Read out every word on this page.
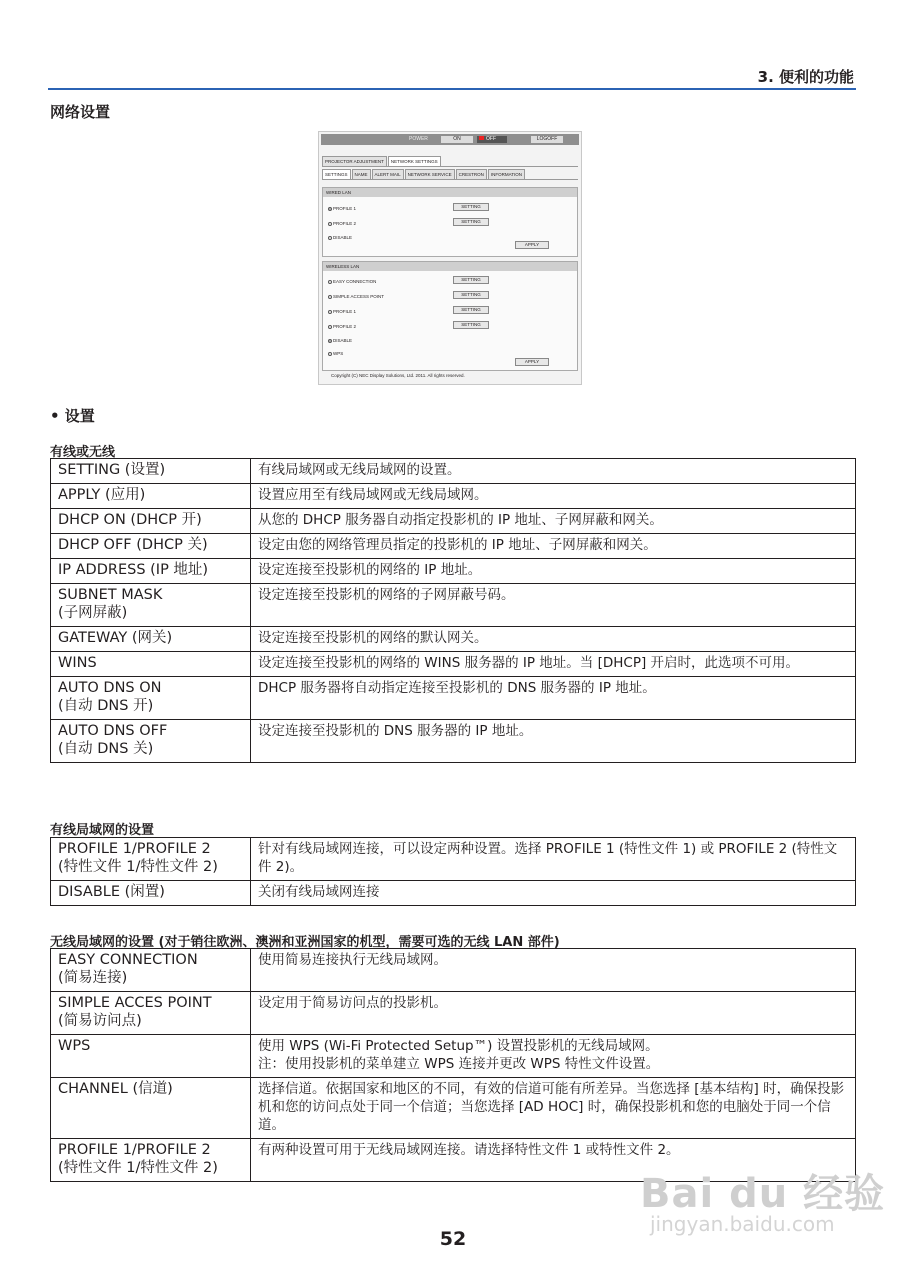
3. 便利的功能
网络设置
POWER	ON	OFF	LOGOFF
PROJECTOR ADJUSTMENT	NETWORK SETTINGS
SETTINGS	NAME	ALERT MAIL	NETWORK SERVICE	CRESTRON	INFORMATION
WIRED LAN
PROFILE 1
PROFILE 2
DISABLE
SETTING
SETTING
APPLY
WIRELESS LAN
EASY CONNECTION
SIMPLE ACCESS POINT
PROFILE 1
PROFILE 2
DISABLE
WPS
SETTING
SETTING
SETTING
SETTING
APPLY
Copyright (C) NEC Display Solutions, Ltd. 2011. All rights reserved.
• 设置
有线或无线
SETTING (设置)	有线局域网或无线局域网的设置。
APPLY (应用)	设置应用至有线局域网或无线局域网。
DHCP ON (DHCP 开)	从您的 DHCP 服务器自动指定投影机的 IP 地址、子网屏蔽和网关。
DHCP OFF (DHCP 关)	设定由您的网络管理员指定的投影机的 IP 地址、子网屏蔽和网关。
IP ADDRESS (IP 地址)	设定连接至投影机的网络的 IP 地址。
SUBNET MASK
(子网屏蔽)	设定连接至投影机的网络的子网屏蔽号码。
GATEWAY (网关)	设定连接至投影机的网络的默认网关。
WINS	设定连接至投影机的网络的 WINS 服务器的 IP 地址。当 [DHCP] 开启时，此选项不可用。
AUTO DNS ON
(自动 DNS 开)	DHCP 服务器将自动指定连接至投影机的 DNS 服务器的 IP 地址。
AUTO DNS OFF
(自动 DNS 关)	设定连接至投影机的 DNS 服务器的 IP 地址。
有线局域网的设置
PROFILE 1/PROFILE 2
(特性文件 1/特性文件 2)	针对有线局域网连接，可以设定两种设置。选择 PROFILE 1 (特性文件 1) 或 PROFILE 2 (特性文件 2)。
DISABLE (闲置)	关闭有线局域网连接
无线局域网的设置 (对于销往欧洲、澳洲和亚洲国家的机型，需要可选的无线 LAN 部件)
EASY CONNECTION
(简易连接)	使用简易连接执行无线局域网。
SIMPLE ACCES POINT
(简易访问点)	设定用于简易访问点的投影机。
WPS	使用 WPS (Wi-Fi Protected Setup™) 设置投影机的无线局域网。
注：使用投影机的菜单建立 WPS 连接并更改 WPS 特性文件设置。
CHANNEL (信道)	选择信道。依据国家和地区的不同，有效的信道可能有所差异。当您选择 [基本结构] 时，确保投影机和您的访问点处于同一个信道；当您选择 [AD HOC] 时，确保投影机和您的电脑处于同一个信道。
PROFILE 1/PROFILE 2
(特性文件 1/特性文件 2)	有两种设置可用于无线局域网连接。请选择特性文件 1 或特性文件 2。
Bai du 经验
jingyan.baidu.com
52
